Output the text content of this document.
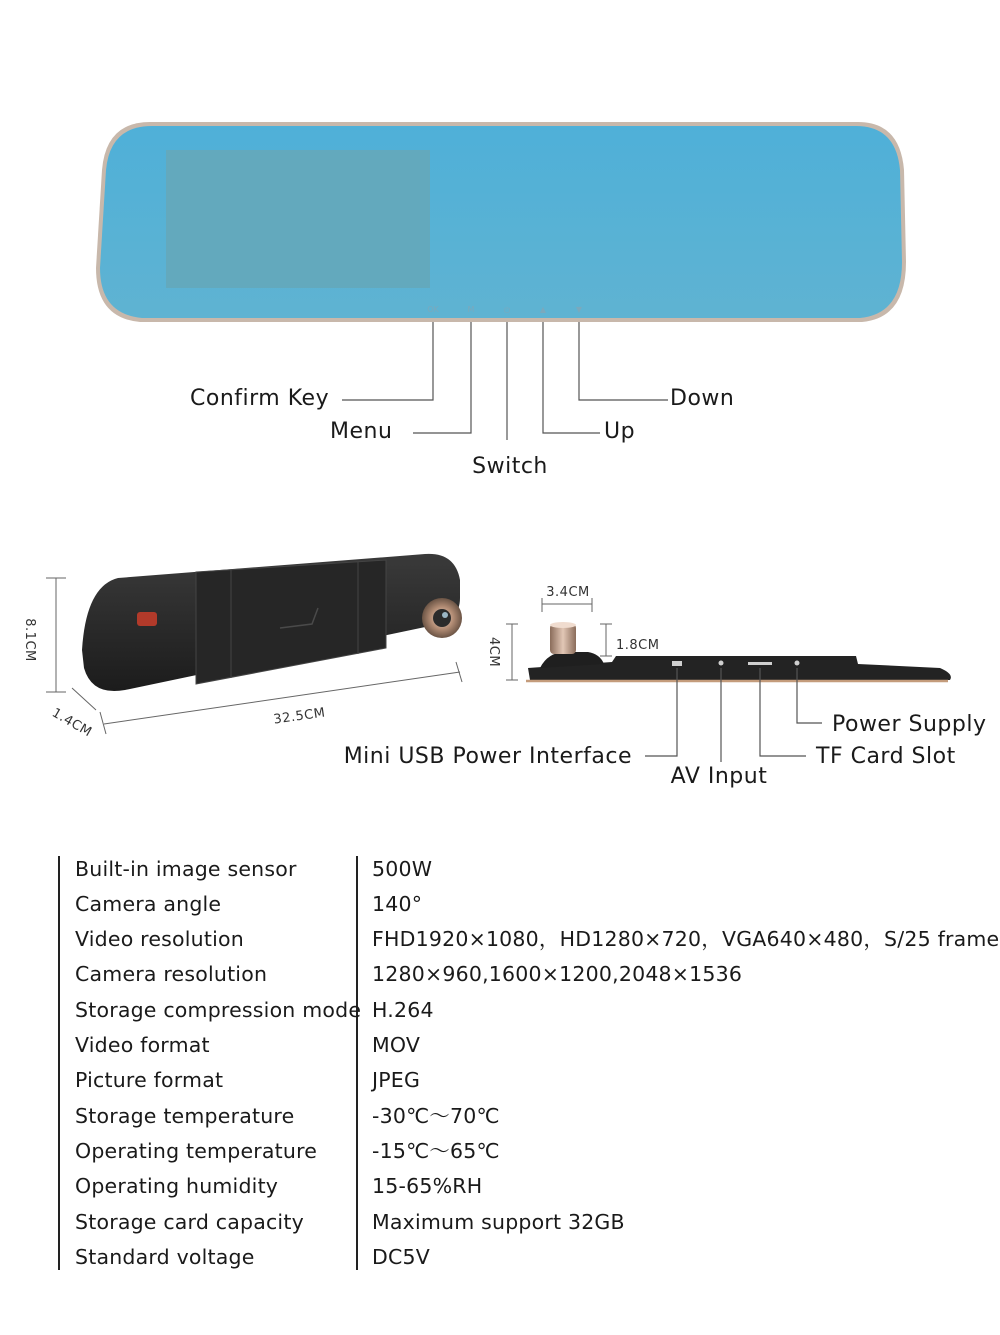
OK	M	⏻	▲	▼
Confirm Key
Menu
Switch
Up
Down
8.1CM
1.4CM	32.5CM
3.4CM
1.8CM
4CM
Power Supply
Mini USB Power Interface	TF Card Slot
AV Input
Built-in image sensor	500W
Camera angle	140°
Video resolution	FHD1920×1080，HD1280×720，VGA640×480，S/25 frame
Camera resolution	1280×960,1600×1200,2048×1536
Storage compression mode H.264
Video format	MOV
Picture format	JPEG
Storage temperature	-30℃～70℃
Operating temperature	-15℃～65℃
Operating humidity	15-65%RH
Storage card capacity	Maximum support 32GB
Standard voltage	DC5V
